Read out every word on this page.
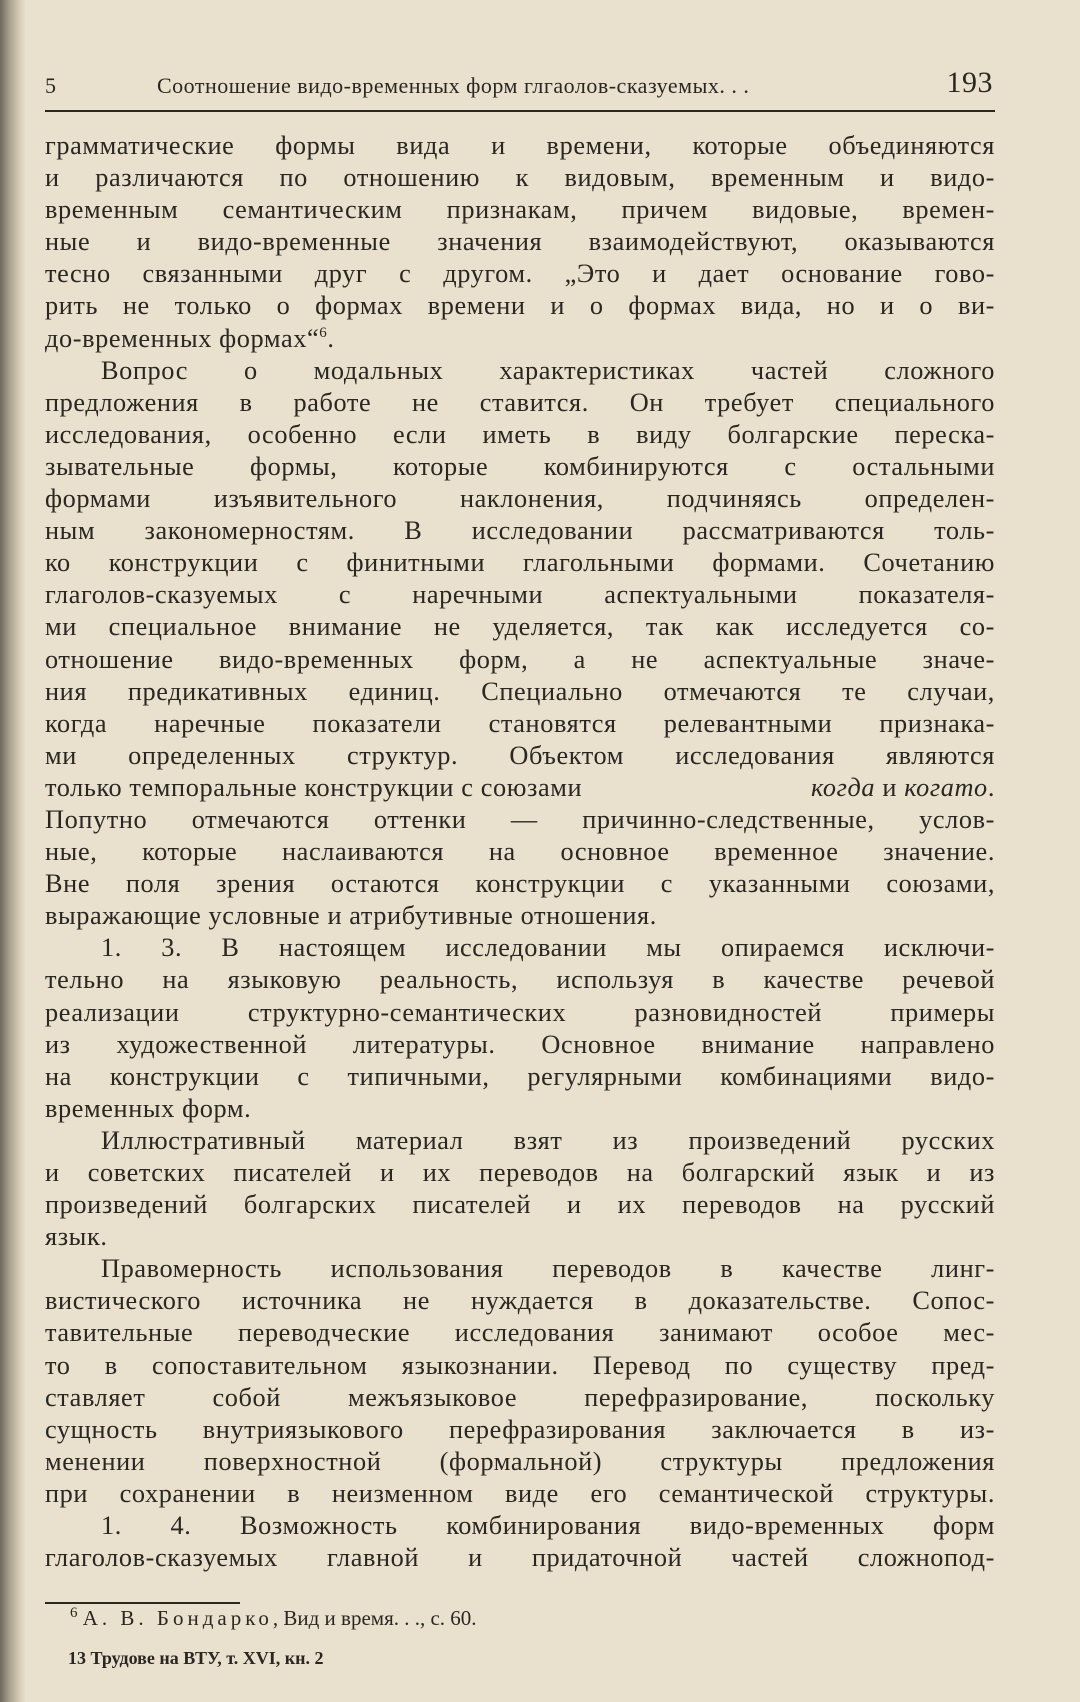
5	Соотношение видо-временных форм глгаолов-сказуемых. . .	193

грамматические формы вида и времени, которые объединяются
и различаются по отношению к видовым, временным и видо-
временным семантическим признакам, причем видовые, времен-
ные и видо-временные значения взаимодействуют, оказываются
тесно связанными друг с другом. „Это и дает основание гово-
рить не только о формах времени и о формах вида, но и о ви-
до-временных формах“$^6$.

Вопрос о модальных характеристиках частей сложного
предложения в работе не ставится. Он требует специального
исследования, особенно если иметь в виду болгарские переска-
зывательные формы, которые комбинируются с остальными
формами изъявительного наклонения, подчиняясь определен-
ным закономерностям. В исследовании рассматриваются толь-
ко конструкции с финитными глагольными формами. Сочетанию
глаголов-сказуемых с наречными аспектуальными показателя-
ми специальное внимание не уделяется, так как исследуется со-
отношение видо-временных форм, а не аспектуальные значе-
ния предикативных единиц. Специально отмечаются те случаи,
когда наречные показатели становятся релевантными признака-
ми определенных структур. Объектом исследования являются
только темпоральные конструкции с союзами	когда и когато.
Попутно отмечаются оттенки — причинно-следственные, услов-
ные, которые наслаиваются на основное временное значение.
Вне поля зрения остаются конструкции с указанными союзами,
выражающие условные и атрибутивные отношения.

1. 3. В настоящем исследовании мы опираемся исключи-
тельно на языковую реальность, используя в качестве речевой
реализации структурно-семантических разновидностей примеры
из художественной литературы. Основное внимание направлено
на конструкции с типичными, регулярными комбинациями видо-
временных форм.

Иллюстративный материал взят из произведений русских
и советских писателей и их переводов на болгарский язык и из
произведений болгарских писателей и их переводов на русский
язык.

Правомерность использования переводов в качестве линг-
вистического источника не нуждается в доказательстве. Сопос-
тавительные переводческие исследования занимают особое мес-
то в сопоставительном языкознании. Перевод по существу пред-
ставляет собой межъязыковое перефразирование, поскольку
сущность внутриязыкового перефразирования заключается в из-
менении поверхностной (формальной) структуры предложения
при сохранении в неизменном виде его семантической структуры.

1. 4. Возможность комбинирования видо-временных форм
глаголов-сказуемых главной и придаточной частей сложнопод-

$^6$ А. В. Бондарко, Вид и время. . ., с. 60.
13 Трудове на ВТУ, т. XVI, кн. 2
